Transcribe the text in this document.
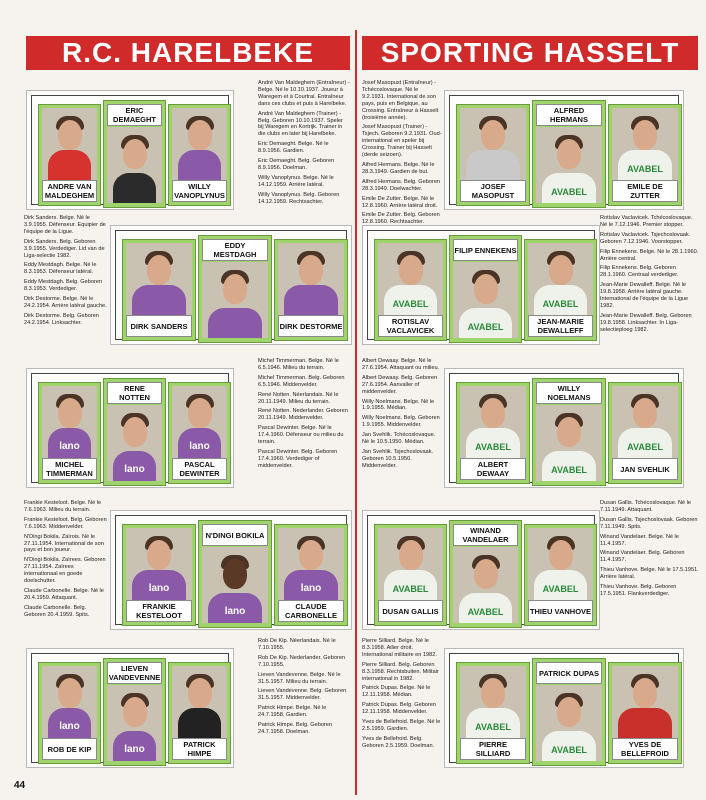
R.C. HARELBEKE	SPORTING HASSELT
44
ANDRE VAN MALDEGHEM
ERIC DEMAEGHT
WILLY VANOPLYNUS

André Van Maldeghem (Entraîneur) - Belge. Né le 10.10.1937. Joueur à Waregem et à Courtrai. Entraîneur dans ces clubs et puis à Harelbeke.

André Van Maldeghem (Trainer) - Belg. Geboren 10.10.1937. Speler bij Waregem en Kortrijk. Trainer in die clubs en later bij Harelbeke.

Eric Demaeght. Belge. Né le 8.9.1956. Gardien.

Eric Demaeght. Belg. Geboren 8.9.1956. Doelman.

Willy Vanoplynus. Belge. Né le 14.12.1959. Arrière latéral.

Willy Vanoplynus. Belg. Geboren 14.12.1959. Rechtsachter.

DIRK SANDERS
EDDY MESTDAGH
DIRK DESTORME

Dirk Sanders. Belge. Né le 3.9.1955. Défenseur. Equipier de l'équipe de la Ligue.

Dirk Sanders. Belg. Geboren 3.9.1955. Verdediger. Lid van de Liga-selectie 1982.

Eddy Mestdagh. Belge. Né le 8.3.1953. Défenseur latéral.

Eddy Mestdagh. Belg. Geboren 8.3.1953. Verdediger.

Dirk Destorme. Belge. Né le 24.2.1954. Arrière latéral gauche.

Dirk Destorme. Belg. Geboren 24.2.1954. Linksachter.

lano
MICHEL TIMMERMAN	lano
RENE NOTTEN
lano
PASCAL DEWINTER

Michel Timmerman. Belge. Né le 6.5.1946. Milieu du terrain.

Michel Timmerman. Belg. Geboren 6.5.1946. Middenvelder.

René Notten. Néerlandais. Né le 20.11.1949. Milieu du terrain.

René Notten. Nederlander. Geboren 20.11.1949. Middenvelder.

Pascal Dewinter. Belge. Né le 17.4.1960. Défenseur ou milieu du terrain.

Pascal Dewinter. Belg. Geboren 17.4.1960. Verdediger of middenvelder.

lano
FRANKIE KESTELOOT	lano
N'DINGI BOKILA
lano
CLAUDE CARBONELLE

Frankie Kesteloot. Belge. Né le 7.6.1963. Milieu du terrain.

Frankie Kesteloot. Belg. Geboren 7.6.1963. Middenvelder.

N'Dingi Bokila. Zaïrois. Né le 27.11.1954. International de son pays et bon joueur.

N'Dingi Bokila. Zaïrees. Geboren 27.11.1954. Zaïrees internationaal en goede doelschutter.

Claude Carbonelle. Belge. Né le 20.4.1959. Attaquant.

Claude Carbonelle. Belg. Geboren 20.4.1959. Spits.

lano
ROB DE KIP	lano
LIEVEN VANDEVENNE
PATRICK HIMPE

Rob De Kip. Néerlandais. Né le 7.10.1955.

Rob De Kip. Nederlander. Geboren 7.10.1955.

Lieven Vandevenne. Belge. Né le 31.5.1957. Milieu du terrain.

Lieven Vandevenne. Belg. Geboren 31.5.1957. Middenvelder.

Patrick Himpe. Belge. Né le 24.7.1958. Gardien.

Patrick Himpe. Belg. Geboren 24.7.1958. Doelman.

JOSEF MASOPUST	AVABEL
ALFRED HERMANS
AVABEL
EMILE DE ZUTTER

Josef Masopust (Entraîneur) - Tchécoslovaque. Né le 9.2.1931. International de son pays, puis en Belgique, au Crossing. Entraîneur à Hasselt (troisième année).

Josef Masopust (Trainer) - Tsjech. Geboren 9.2.1931. Oud-international en speler bij Crossing. Trainer bij Hasselt (derde seizoen).

Alfred Hermans. Belge. Né le 28.3.1949. Gardien de but.

Alfred Hermans. Belg. Geboren 28.3.1949. Doelwachter.

Emile De Zutter. Belge. Né le 12.8.1960. Arrière latéral droit.

Emile De Zutter. Belg. Geboren 12.8.1960. Rechtsachter.

AVABEL
ROTISLAV VACLAVICEK	AVABEL
FILIP ENNEKENS
AVABEL
JEAN-MARIE DEWALLEFF

Rotislav Vaclavicek. Tchécoslovaque. Né le 7.12.1946. Premier stopper.

Rotislav Vaclavicek. Tsjechoslovaak. Geboren 7.12.1946. Voorstopper.

Filip Ennekens. Belge. Né le 28.1.1960. Arrière central.

Filip Ennekens. Belg. Geboren 28.1.1960. Centraal verdediger.

Jean-Marie Dewalleff. Belge. Né le 19.8.1958. Arrière latéral gauche. International de l'équipe de la Ligue 1982.

Jean-Marie Dewalleff. Belg. Geboren 19.8.1958. Linksachter. In Liga-selectieploeg 1982.

AVABEL
ALBERT DEWAAY	AVABEL
WILLY NOELMANS
AVABEL
JAN SVEHLIK

Albert Dewaay. Belge. Né le 27.6.1954. Attaquant ou milieu.

Albert Dewaay. Belg. Geboren 27.6.1954. Aanvaller of middenvelder.

Willy Noelmans. Belge. Né le 1.9.1955. Médian.

Willy Noelmans. Belg. Geboren 1.9.1955. Middenvelder.

Jan Svehlik. Tchécoslovaque. Né le 10.5.1950. Médian.

Jan Svehlik. Tsjechoslovaak. Geboren 10.5.1950. Middenvelder.

AVABEL
DUSAN GALLIS	AVABEL
WINAND VANDELAER
AVABEL
THIEU VANHOVE

Dusan Gallis. Tchécoslovaque. Né le 7.11.1949. Attaquant.

Dusan Gallis. Tsjechoslovaak. Geboren 7.11.1949. Spits.

Winand Vandelaer. Belge. Né le 11.4.1957.

Winand Vandelaer. Belg. Geboren 11.4.1957.

Thieu Vanhove. Belge. Né le 17.5.1951. Arrière latéral.

Thieu Vanhove. Belg. Geboren 17.5.1951. Flankverdediger.

AVABEL
PIERRE SILLIARD	AVABEL
PATRICK DUPAS
YVES DE BELLEFROID

Pierre Silliard. Belge. Né le 8.3.1958. Ailier droit. International militaire en 1982.

Pierre Silliard. Belg. Geboren 8.3.1958. Rechtsbuiten. Militair international in 1982.

Patrick Dupas. Belge. Né le 12.11.1958. Médian.

Patrick Dupas. Belg. Geboren 12.11.1958. Middenvelder.

Yves de Bellefroid. Belge. Né le 2.5.1959. Gardien.

Yves de Bellefroid. Belg. Geboren 2.5.1959. Doelman.
